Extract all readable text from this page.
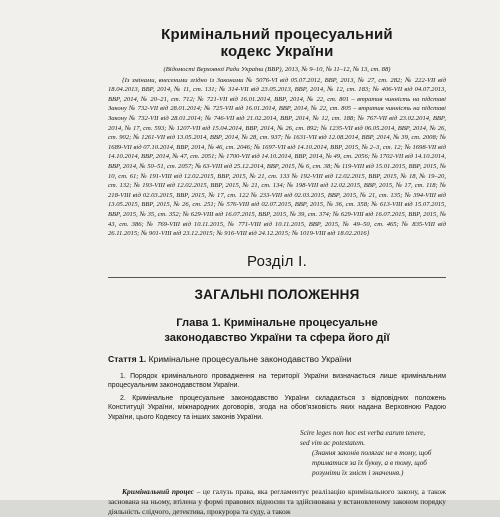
Кримінальний процесуальний
кодекс України

(Відомості Верховної Ради України (ВВР), 2013, № 9–10, № 11–12, № 13, ст. 88)

{Із змінами, внесеними згідно із Законами № 5076-VI від 05.07.2012, ВВР, 2013, № 27, ст. 282; № 222-VII від 18.04.2013, ВВР, 2014, № 11, ст. 131; № 314-VII від 23.05.2013, ВВР, 2014, № 12, ст. 183; № 406-VII від 04.07.2013, ВВР, 2014, № 20–21, ст. 712; № 721-VII від 16.01.2014, ВВР, 2014, № 22, ст. 801 – втратив чинність на підставі Закону № 732-VII від 28.01.2014; № 725-VII від 16.01.2014, ВВР, 2014, № 22, ст. 805 – втратив чинність на підставі Закону № 732-VII від 28.01.2014; № 746-VII від 21.02.2014, ВВР, 2014, № 12, ст. 188; № 767-VII від 23.02.2014, ВВР, 2014, № 17, ст. 593; № 1207-VII від 15.04.2014, ВВР, 2014, № 26, ст. 892; № 1235-VII від 06.05.2014, ВВР, 2014, № 26, ст. 902; № 1261-VII від 13.05.2014, ВВР, 2014, № 28, ст. 937; № 1631-VII від 12.08.2014, ВВР, 2014, № 39, ст. 2008; № 1689-VII від 07.10.2014, ВВР, 2014, № 46, ст. 2046; № 1697-VII від 14.10.2014, ВВР, 2015, № 2–3, ст. 12; № 1698-VII від 14.10.2014, ВВР, 2014, № 47, ст. 2051; № 1700-VII від 14.10.2014, ВВР, 2014, № 49, ст. 2056; № 1702-VII від 14.10.2014, ВВР, 2014, № 50–51, ст. 2057; № 63-VIII від 25.12.2014, ВВР, 2015, № 6, ст. 38; № 119-VIII від 15.01.2015, ВВР, 2015, № 10, ст. 61; № 191-VIII від 12.02.2015, ВВР, 2015, № 21, ст. 133 № 192-VIII від 12.02.2015, ВВР, 2015, № 18, № 19–20, ст. 132; № 193-VIII від 12.02.2015, ВВР, 2015, № 21, ст. 134; № 198-VIII від 12.02.2015, ВВР, 2015, № 17, ст. 118; № 218-VIII від 02.03.2015, ВВР, 2015, № 17, ст. 122 № 233-VIII від 02.03.2015, ВВР, 2015, № 21, ст. 135; № 394-VIII від 13.05.2015, ВВР, 2015, № 26, ст. 251; № 576-VIII від 02.07.2015, ВВР, 2015, № 36, ст. 358; № 613-VIII від 15.07.2015, ВВР, 2015, № 35, ст. 352; № 629-VIII від 16.07.2015, ВВР, 2015, № 39, ст. 374; № 629-VIII від 16.07.2015, ВВР, 2015, № 43, ст. 386; № 769-VIII від 10.11.2015, № 771-VIII від 10.11.2015, ВВР, 2015, № 49–50, ст. 465; № 835-VIII від 26.11.2015; № 901-VIII від 23.12.2015; № 916-VIII від 24.12.2015; № 1019-VIII від 18.02.2016}

Розділ I.
ЗАГАЛЬНІ ПОЛОЖЕННЯ
Глава 1. Кримінальне процесуальне
законодавство України та сфера його дії
Стаття 1. Кримінальне процесуальне законодавство України

1. Порядок кримінального провадження на території України визначається лише кримінальним процесуальним законодавством України.

2. Кримінальне процесуальне законодавство України складається з відповідних положень Конституції України, міжнародних договорів, згода на обов'язковість яких надана Верховною Радою України, цього Кодексу та інших законів України.

Scire leges non hoc est verba earum tenere,
sed vim ac potestatem.
(Знання законів полягає не в тому, щоб
триматися за їх букву, а в тому, щоб
розуміти їх зміст і значення.)

Кримінальний процес – це галузь права, яка регламентує реалізацію кримінального закону, а також заснована на ньому, втілена у формі правових відносин та здійснювана у встановленому законом порядку діяльність слідчого, детектива, прокурора та суду, а також
